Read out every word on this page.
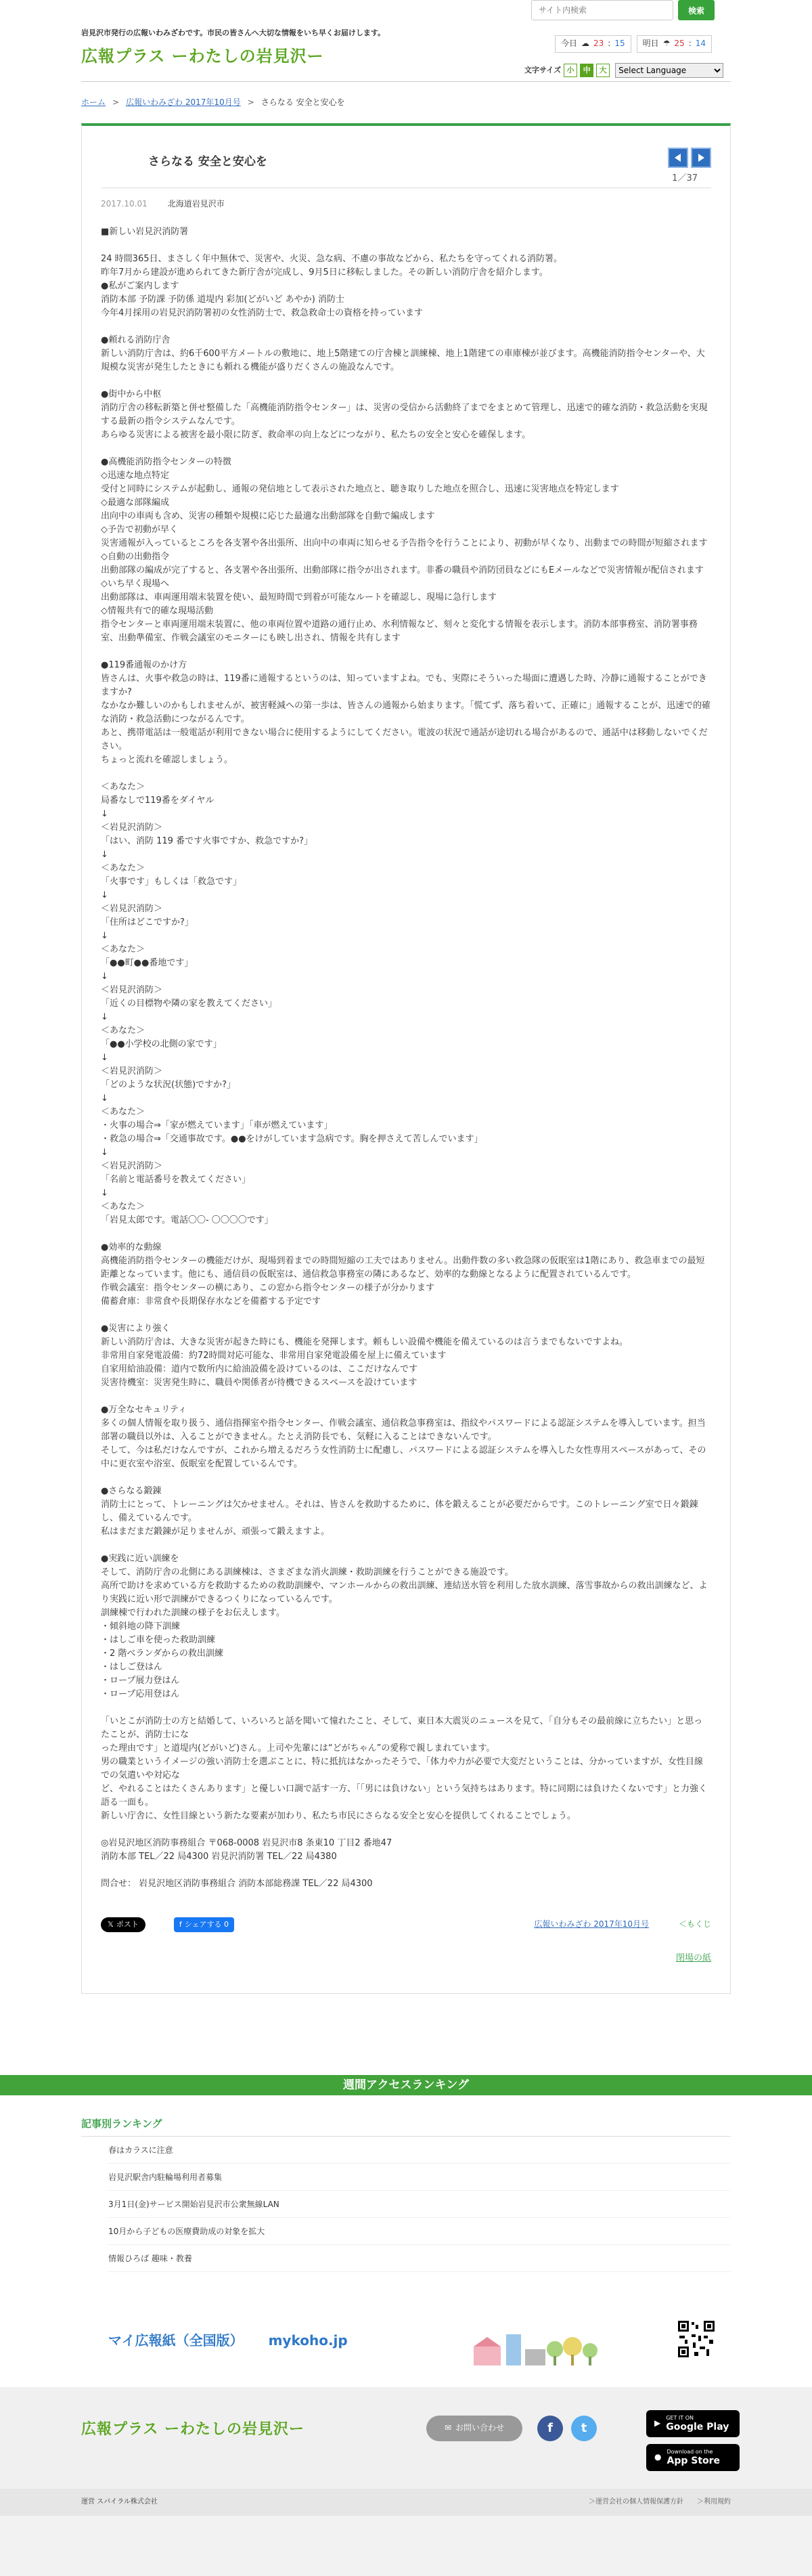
岩見沢市発行の広報いわみざわです。市民の皆さんへ大切な情報をいち早くお届けします。
広報プラス ーわたしの岩見沢ー
サイト内検索
検索
今日 ☁ 23 : 15 明日 ☂ 25 : 14
文字サイズ 小	中	大
Select Language
ホーム > 広報いわみざわ 2017年10月号 > さらなる 安全と安心を
さらなる 安全と安心を
1／37
2017.10.01	北海道岩見沢市

■新しい岩見沢消防署

24 時間365日、まさしく年中無休で、災害や、火災、急な病、不慮の事故などから、私たちを守ってくれる消防署。
昨年7月から建設が進められてきた新庁舎が完成し、9月5日に移転しました。その新しい消防庁舎を紹介します。
●私がご案内します
消防本部 予防課 予防係 道堤内 彩加(どがいど あやか) 消防士
今年4月採用の岩見沢消防署初の女性消防士で、救急救命士の資格を持っています

●頼れる消防庁舎
新しい消防庁舎は、約6千600平方メートルの敷地に、地上5階建ての庁舎棟と訓練棟、地上1階建ての車庫棟が並びます。高機能消防指令センターや、大規模な災害が発生したときにも頼れる機能が盛りだくさんの施設なんです。

●街中から中枢
消防庁舎の移転新築と併せ整備した「高機能消防指令センター」は、災害の受信から活動終了までをまとめて管理し、迅速で的確な消防・救急活動を実現する最新の指令システムなんです。
あらゆる災害による被害を最小限に防ぎ、救命率の向上などにつながり、私たちの安全と安心を確保します。

●高機能消防指令センターの特徴
◇迅速な地点特定
受付と同時にシステムが起動し、通報の発信地として表示された地点と、聴き取りした地点を照合し、迅速に災害地点を特定します
◇最適な部隊編成
出向中の車両も含め、災害の種類や規模に応じた最適な出動部隊を自動で編成します
◇予告で初動が早く
災害通報が入っているところを各支署や各出張所、出向中の車両に知らせる予告指令を行うことにより、初動が早くなり、出動までの時間が短縮されます
◇自動の出動指令
出動部隊の編成が完了すると、各支署や各出張所、出動部隊に指令が出されます。非番の職員や消防団員などにもEメールなどで災害情報が配信されます
◇いち早く現場へ
出動部隊は、車両運用端末装置を使い、最短時間で到着が可能なルートを確認し、現場に急行します
◇情報共有で的確な現場活動
指令センターと車両運用端末装置に、他の車両位置や道路の通行止め、水利情報など、刻々と変化する情報を表示します。消防本部事務室、消防署事務室、出動準備室、作戦会議室のモニターにも映し出され、情報を共有します

●119番通報のかけ方
皆さんは、火事や救急の時は、119番に通報するというのは、知っていますよね。でも、実際にそういった場面に遭遇した時、冷静に通報することができますか?
なかなか難しいのかもしれませんが、被害軽減への第一歩は、皆さんの通報から始まります。「慌てず、落ち着いて、正確に」通報することが、迅速で的確な消防・救急活動につながるんです。
あと、携帯電話は一般電話が利用できない場合に使用するようにしてください。電波の状況で通話が途切れる場合があるので、通話中は移動しないでください。
ちょっと流れを確認しましょう。

＜あなた＞
局番なしで119番をダイヤル
↓
＜岩見沢消防＞
「はい、消防 119 番です火事ですか、救急ですか?」
↓
＜あなた＞
「火事です」もしくは「救急です」
↓
＜岩見沢消防＞
「住所はどこですか?」
↓
＜あなた＞
「●●町●●番地です」
↓
＜岩見沢消防＞
「近くの目標物や隣の家を教えてください」
↓
＜あなた＞
「●●小学校の北側の家です」
↓
＜岩見沢消防＞
「どのような状況(状態)ですか?」
↓
＜あなた＞
・火事の場合⇒「家が燃えています」「車が燃えています」
・救急の場合⇒「交通事故です。●●をけがしています急病です。胸を押さえて苦しんでいます」
↓
＜岩見沢消防＞
「名前と電話番号を教えてください」
↓
＜あなた＞
「岩見太郎です。電話〇〇- 〇〇〇〇です」

●効率的な動線
高機能消防指令センターの機能だけが、現場到着までの時間短縮の工夫ではありません。出動件数の多い救急隊の仮眠室は1階にあり、救急車までの最短距離となっています。他にも、通信員の仮眠室は、通信救急事務室の隣にあるなど、効率的な動線となるように配置されているんです。
作戦会議室：指令センターの横にあり、この窓から指令センターの様子が分かります
備蓄倉庫：非常食や長期保存水などを備蓄する予定です

●災害により強く
新しい消防庁舎は、大きな災害が起きた時にも、機能を発揮します。頼もしい設備や機能を備えているのは言うまでもないですよね。
非常用自家発電設備：約72時間対応可能な、非常用自家発電設備を屋上に備えています
自家用給油設備：道内で数所内に給油設備を設けているのは、ここだけなんです
災害待機室：災害発生時に、職員や関係者が待機できるスペースを設けています

●万全なセキュリティ
多くの個人情報を取り扱う、通信指揮室や指令センター、作戦会議室、通信救急事務室は、指紋やパスワードによる認証システムを導入しています。担当部署の職員以外は、入ることができません。たとえ消防長でも、気軽に入ることはできないんです。
そして、今は私だけなんですが、これから増えるだろう女性消防士に配慮し、パスワードによる認証システムを導入した女性専用スペースがあって、その中に更衣室や浴室、仮眠室を配置しているんです。

●さらなる鍛錬
消防士にとって、トレーニングは欠かせません。それは、皆さんを救助するために、体を鍛えることが必要だからです。このトレーニング室で日々鍛錬し、備えているんです。
私はまだまだ鍛錬が足りませんが、頑張って鍛えますよ。

●実践に近い訓練を
そして、消防庁舎の北側にある訓練棟は、さまざまな消火訓練・救助訓練を行うことができる施設です。
高所で助けを求めている方を救助するための救助訓練や、マンホールからの救出訓練、連結送水管を利用した放水訓練、落雪事故からの救出訓練など、より実践に近い形で訓練ができるつくりになっているんです。
訓練棟で行われた訓練の様子をお伝えします。
・傾斜地の降下訓練
・はしご車を使った救助訓練
・2 階ベランダからの救出訓練
・はしご登はん
・ロープ展力登はん
・ロープ応用登はん

「いとこが消防士の方と結婚して、いろいろと話を聞いて憧れたこと、そして、東日本大震災のニュースを見て、「自分もその最前線に立ちたい」と思ったことが、消防士にな
った理由です」と道堤内(どがいど)さん。上司や先輩には“どがちゃん”の愛称で親しまれています。
男の職業というイメージの強い消防士を選ぶことに、特に抵抗はなかったそうで、「体力や力が必要で大変だということは、分かっていますが、女性目線での気遣いや対応な
ど、やれることはたくさんあります」と優しい口調で話す一方、「「男には負けない」という気持ちはあります。特に同期には負けたくないです」と力強く語る一面も。
新しい庁舎に、女性目線という新たな要素が加わり、私たち市民にさらなる安全と安心を提供してくれることでしょう。

◎岩見沢地区消防事務組合 〒068-0008 岩見沢市8 条東10 丁目2 番地47
消防本部 TEL／22 局4300 岩見沢消防署 TEL／22 局4380

問合せ： 岩見沢地区消防事務組合 消防本部総務課 TEL／22 局4300

𝕏 ポスト	f シェアする 0	広報いわみざわ 2017年10月号	＜もくじ
閉場の紙
週間アクセスランキング
記事別ランキング
春はカラスに注意
岩見沢駅舎内駐輪場利用者募集
3月1日(金)サービス開始岩見沢市公衆無線LAN
10月から子どもの医療費助成の対象を拡大
情報ひろば 趣味・教養
マイ広報紙（全国版） mykoho.jp
広報プラス ーわたしの岩見沢ー	✉ お問い合わせ	f	t	▶
GET IT ON
Google Play
●
Download on the
App Store
運営 スパイラル株式会社	＞運営会社の個人情報保護方針 ＞利用規約
